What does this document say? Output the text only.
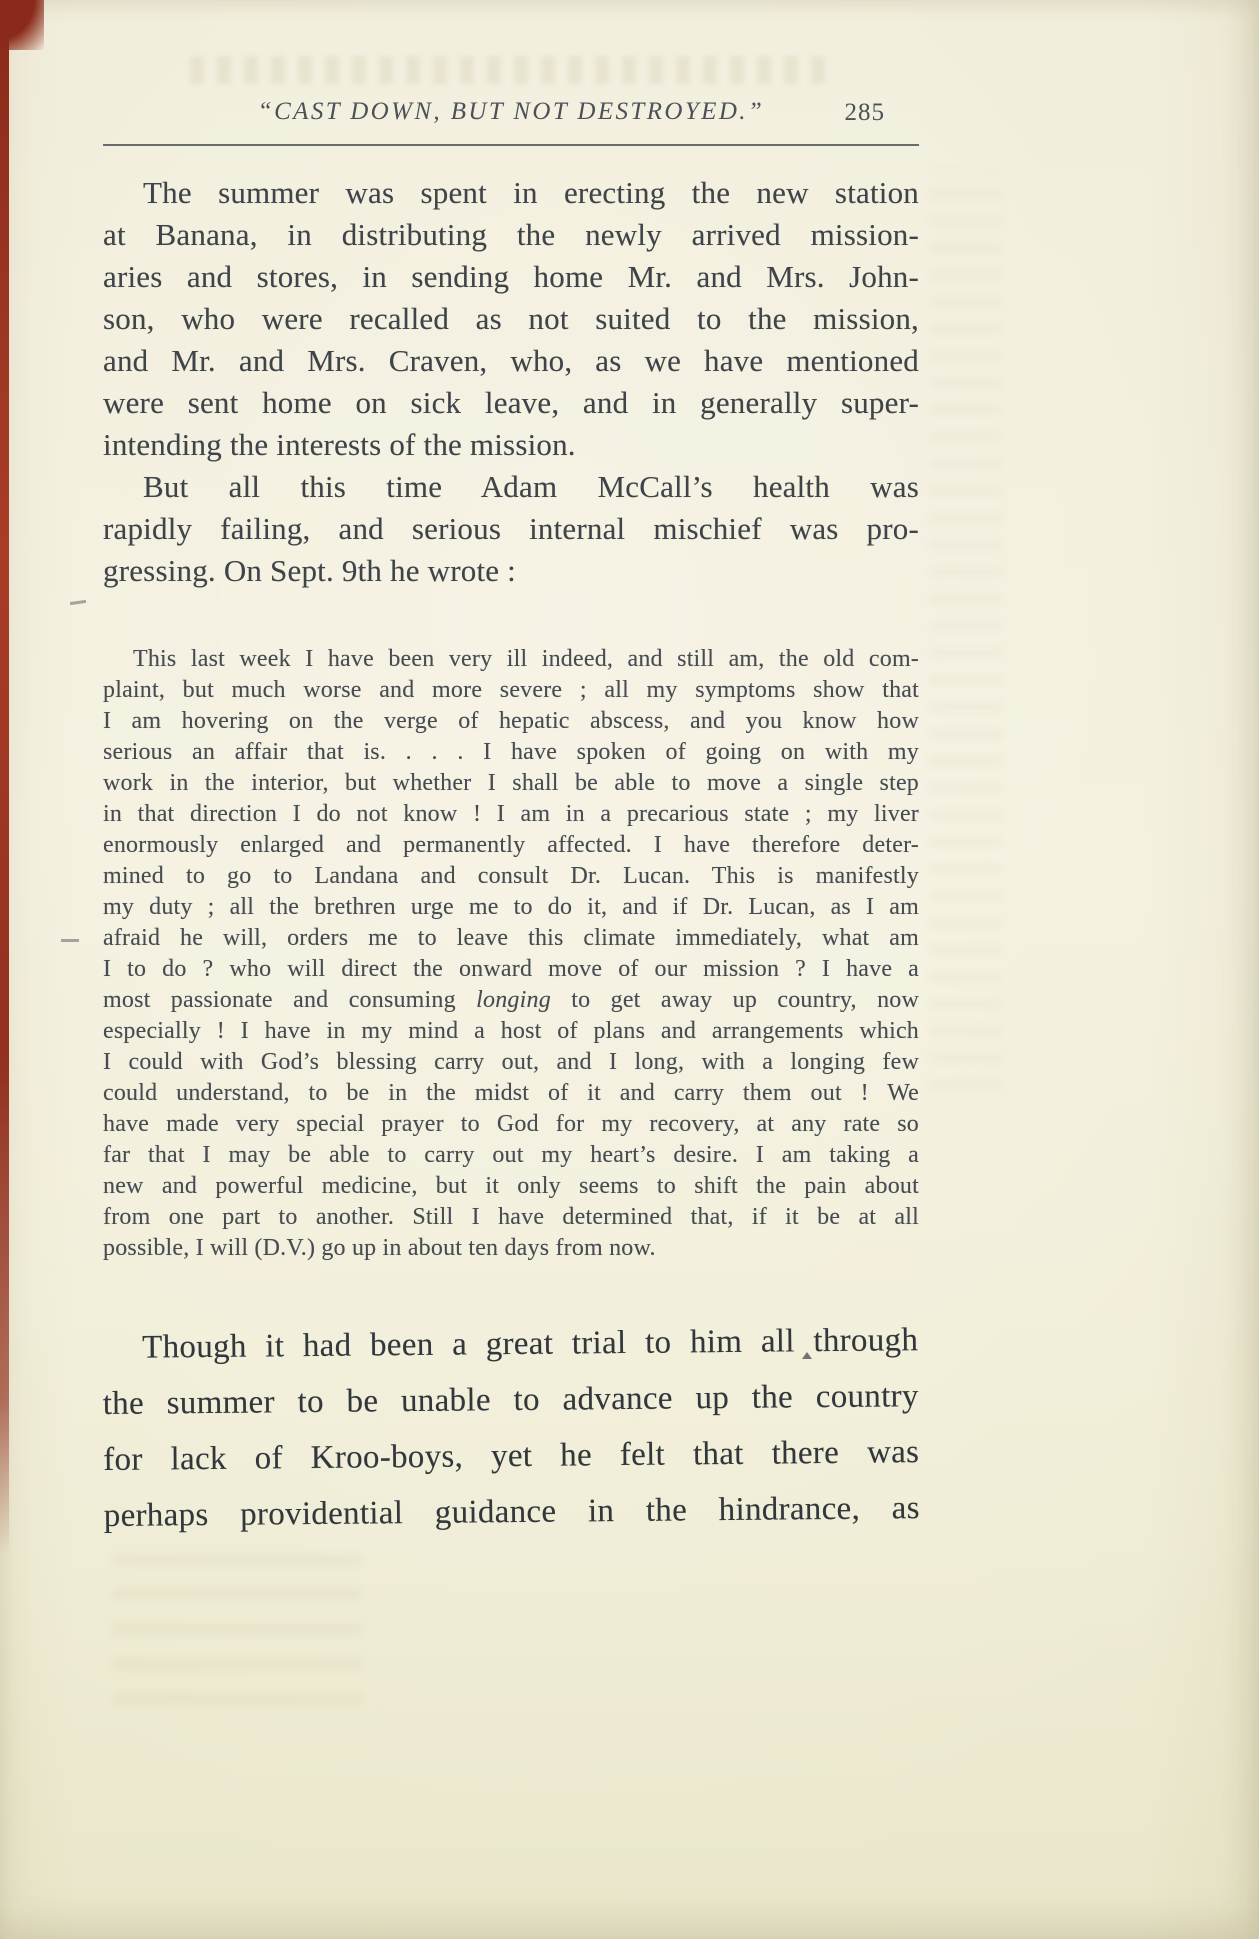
“CAST DOWN, BUT NOT DESTROYED.”	285
The summer was spent in erecting the new station
at Banana, in distributing the newly arrived mission-
aries and stores, in sending home Mr. and Mrs. John-
son, who were recalled as not suited to the mission,
and Mr. and Mrs. Craven, who, as we have mentioned
were sent home on sick leave, and in generally super-
intending the interests of the mission.
But all this time Adam McCall’s health was
rapidly failing, and serious internal mischief was pro-
gressing. On Sept. 9th he wrote :
This last week I have been very ill indeed, and still am, the old com-
plaint, but much worse and more severe ; all my symptoms show that
I am hovering on the verge of hepatic abscess, and you know how
serious an affair that is. . . . I have spoken of going on with my
work in the interior, but whether I shall be able to move a single step
in that direction I do not know ! I am in a precarious state ; my liver
enormously enlarged and permanently affected. I have therefore deter-
mined to go to Landana and consult Dr. Lucan. This is manifestly
my duty ; all the brethren urge me to do it, and if Dr. Lucan, as I am
afraid he will, orders me to leave this climate immediately, what am
I to do ? who will direct the onward move of our mission ? I have a
most passionate and consuming longing to get away up country, now
especially ! I have in my mind a host of plans and arrangements which
I could with God’s blessing carry out, and I long, with a longing few
could understand, to be in the midst of it and carry them out ! We
have made very special prayer to God for my recovery, at any rate so
far that I may be able to carry out my heart’s desire. I am taking a
new and powerful medicine, but it only seems to shift the pain about
from one part to another. Still I have determined that, if it be at all
possible, I will (D.V.) go up in about ten days from now.
Though it had been a great trial to him all through
the summer to be unable to advance up the country
for lack of Kroo-boys, yet he felt that there was
perhaps providential guidance in the hindrance, as
